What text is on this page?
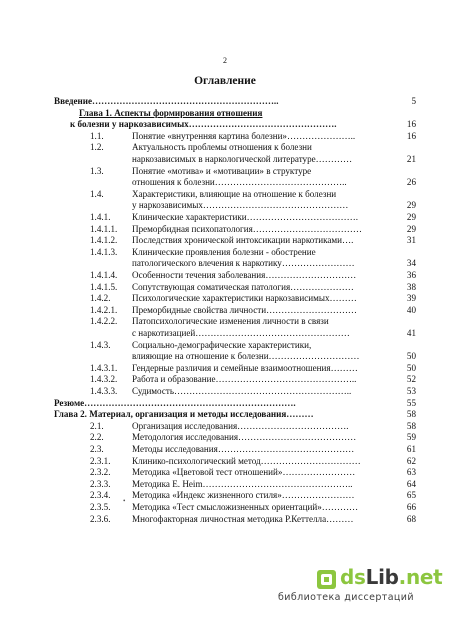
2
Оглавление
Введение……………………………………………………..	5
Глава 1. Аспекты формирования отношения
к болезни у наркозависимых………………………………………….	16
1.1.	Понятие «внутренняя картина болезни»…………………..	16
1.2.	Актуальность проблемы отношения к болезни
наркозависимых в наркологической литературе…………	21
1.3.	Понятие «мотива» и «мотивации» в структуре
отношения к болезни……………………………………..	26
1.4.	Характеристики, влияющие на отношение к болезни
у наркозависимых…………………………………………	29
1.4.1. Клинические характеристики……………………………….	29
1.4.1.1. Преморбидная психопатология………………………………	29
1.4.1.2. Последствия хронической интоксикации наркотиками….	31
1.4.1.3. Клинические проявления болезни - обострение
патологического влечения к наркотику……………………	34
1.4.1.4. Особенности течения заболевания…………………………	36
1.4.1.5. Сопутствующая соматическая патология…………………	38
1.4.2. Психологические характеристики наркозависимых………	39
1.4.2.1. Преморбидные свойства личности…………………………	40
1.4.2.2. Патопсихологические изменения личности в связи
с наркотизацией……………………………………………	41
1.4.3. Социально-демографические характеристики,
влияющие на отношение к болезни…………………………	50
1.4.3.1. Гендерные различия и семейные взаимоотношения………	50
1.4.3.2. Работа и образование………………………………………..	52
1.4.3.3. Судимость…………………………………………………..	53
Резюме…………………………………………………………….	55
Глава 2. Материал, организация и методы исследования………	58
2.1.	Организация исследования……………………………….	58
2.2.	Методология исследования…………………………………	59
2.3.	Методы исследования………………………………………	61
2.3.1. Клинико-психологический метод……………………………	62
2.3.2. Методика «Цветовой тест отношений»……………………	63
2.3.3. Методика Е. Heim…………………………………………..	64
2.3.4. Методика «Индекс жизненного стиля»……………………	65
2.3.5. Методика «Тест смысложизненных ориентаций»…………	66
2.3.6. Многофакторная личностная методика Р.Кеттелла………	68
•
dsLib.net
библиотека диссертаций
